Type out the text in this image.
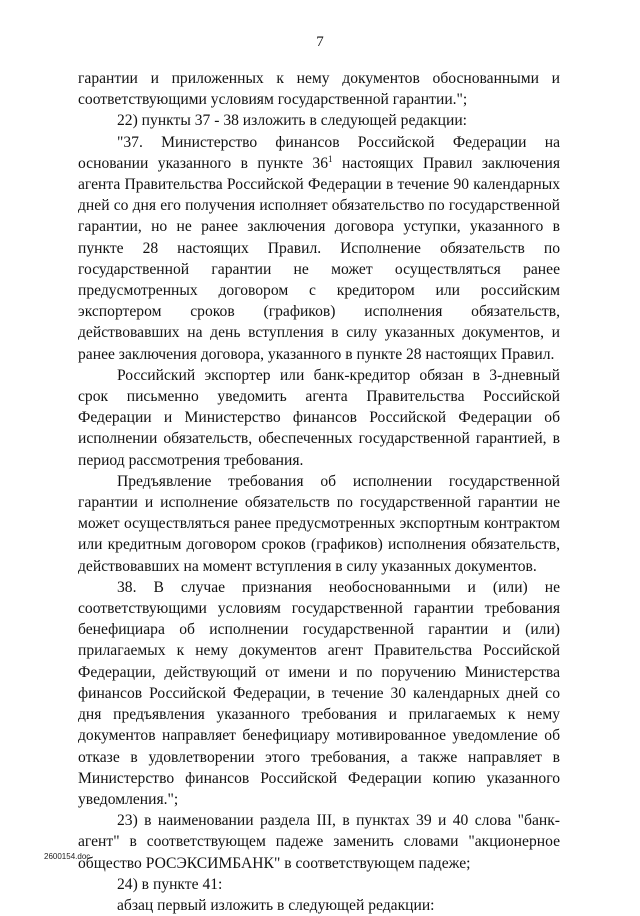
7

гарантии и приложенных к нему документов обоснованными и соответствующими условиям государственной гарантии.";

22) пункты 37 - 38 изложить в следующей редакции:

"37. Министерство финансов Российской Федерации на основании указанного в пункте $36^1$ настоящих Правил заключения агента Правительства Российской Федерации в течение 90 календарных дней со дня его получения исполняет обязательство по государственной гарантии, но не ранее заключения договора уступки, указанного в пункте 28 настоящих Правил. Исполнение обязательств по государственной гарантии не может осуществляться ранее предусмотренных договором с кредитором или российским экспортером сроков (графиков) исполнения обязательств, действовавших на день вступления в силу указанных документов, и ранее заключения договора, указанного в пункте 28 настоящих Правил.

Российский экспортер или банк-кредитор обязан в 3-дневный срок письменно уведомить агента Правительства Российской Федерации и Министерство финансов Российской Федерации об исполнении обязательств, обеспеченных государственной гарантией, в период рассмотрения требования.

Предъявление требования об исполнении государственной гарантии и исполнение обязательств по государственной гарантии не может осуществляться ранее предусмотренных экспортным контрактом или кредитным договором сроков (графиков) исполнения обязательств, действовавших на момент вступления в силу указанных документов.

38. В случае признания необоснованными и (или) не соответствующими условиям государственной гарантии требования бенефициара об исполнении государственной гарантии и (или) прилагаемых к нему документов агент Правительства Российской Федерации, действующий от имени и по поручению Министерства финансов Российской Федерации, в течение 30 календарных дней со дня предъявления указанного требования и прилагаемых к нему документов направляет бенефициару мотивированное уведомление об отказе в удовлетворении этого требования, а также направляет в Министерство финансов Российской Федерации копию указанного уведомления.";

23) в наименовании раздела III, в пунктах 39 и 40 слова "банк-агент" в соответствующем падеже заменить словами "акционерное общество РОСЭКСИМБАНК" в соответствующем падеже;

24) в пункте 41:

абзац первый изложить в следующей редакции:

2600154.doc
